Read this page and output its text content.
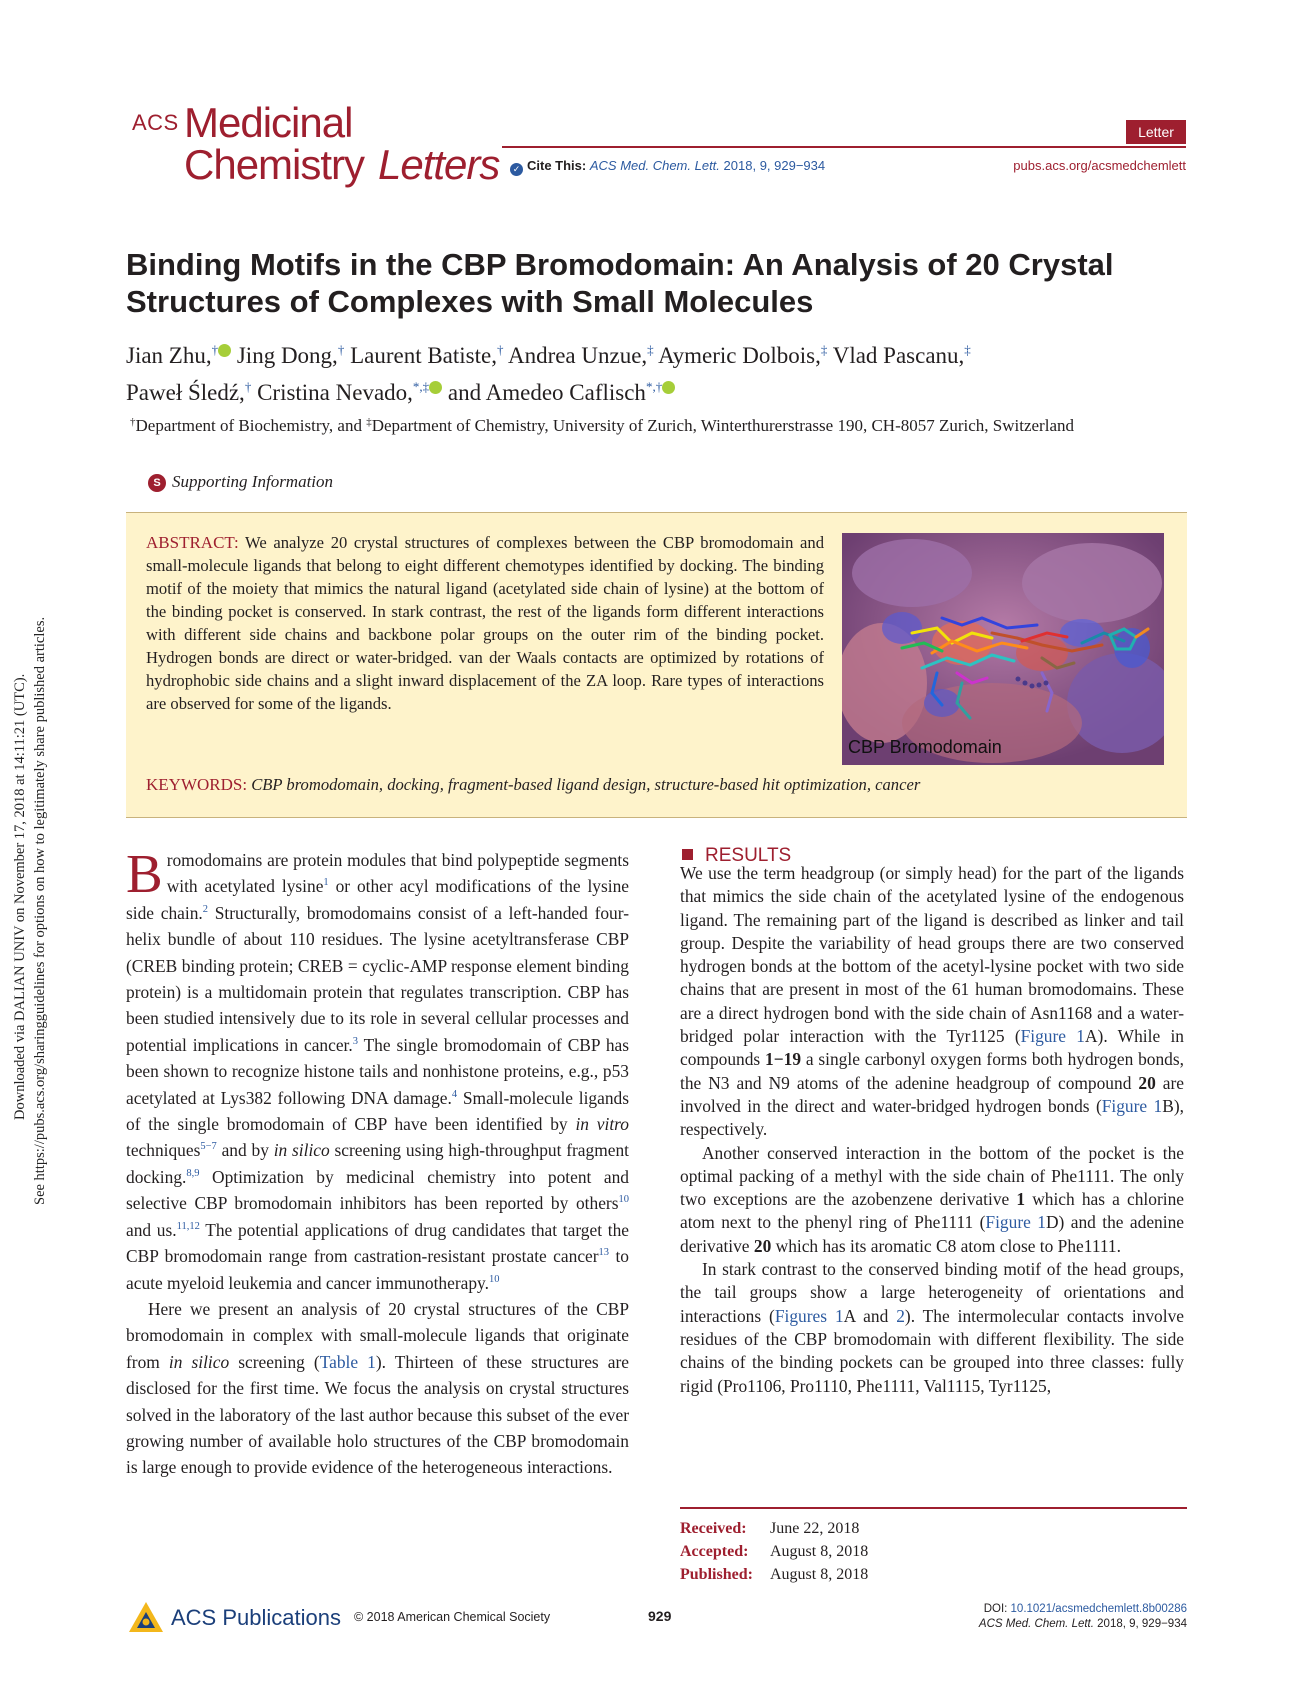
Downloaded via DALIAN UNIV on November 17, 2018 at 14:11:21 (UTC). See https://pubs.acs.org/sharingguidelines for options on how to legitimately share published articles.
ACS Medicinal
Chemistry Letters
Letter
✓ Cite This: ACS Med. Chem. Lett. 2018, 9, 929−934	pubs.acs.org/acsmedchemlett
Binding Motifs in the CBP Bromodomain: An Analysis of 20 Crystal Structures of Complexes with Small Molecules
Jian Zhu,† Jing Dong,† Laurent Batiste,† Andrea Unzue,‡ Aymeric Dolbois,‡ Vlad Pascanu,‡
Paweł Śledź,† Cristina Nevado,*,‡ and Amedeo Caflisch*,†
†Department of Biochemistry, and ‡Department of Chemistry, University of Zurich, Winterthurerstrasse 190, CH-8057 Zurich, Switzerland
S Supporting Information
ABSTRACT: We analyze 20 crystal structures of complexes between the CBP bromodomain and small-molecule ligands that belong to eight different chemotypes identified by docking. The binding motif of the moiety that mimics the natural ligand (acetylated side chain of lysine) at the bottom of the binding pocket is conserved. In stark contrast, the rest of the ligands form different interactions with different side chains and backbone polar groups on the outer rim of the binding pocket. Hydrogen bonds are direct or water-bridged. van der Waals contacts are optimized by rotations of hydrophobic side chains and a slight inward displacement of the ZA loop. Rare types of interactions are observed for some of the ligands.
CBP Bromodomain
KEYWORDS: CBP bromodomain, docking, fragment-based ligand design, structure-based hit optimization, cancer

Bromodomains are protein modules that bind polypeptide segments with acetylated lysine$^1$ or other acyl modifications of the lysine side chain.$^2$ Structurally, bromodomains consist of a left-handed four-helix bundle of about 110 residues. The lysine acetyltransferase CBP (CREB binding protein; CREB = cyclic-AMP response element binding protein) is a multidomain protein that regulates transcription. CBP has been studied intensively due to its role in several cellular processes and potential implications in cancer.$^3$ The single bromodomain of CBP has been shown to recognize histone tails and nonhistone proteins, e.g., p53 acetylated at Lys382 following DNA damage.$^4$ Small-molecule ligands of the single bromodomain of CBP have been identified by in vitro techniques$^{5-7}$ and by in silico screening using high-throughput fragment docking.$^{8,9}$ Optimization by medicinal chemistry into potent and selective CBP bromodomain inhibitors has been reported by others$^{10}$ and us.$^{11,12}$ The potential applications of drug candidates that target the CBP bromodomain range from castration-resistant prostate cancer$^{13}$ to acute myeloid leukemia and cancer immunotherapy.$^{10}$

Here we present an analysis of 20 crystal structures of the CBP bromodomain in complex with small-molecule ligands that originate from in silico screening (Table 1). Thirteen of these structures are disclosed for the first time. We focus the analysis on crystal structures solved in the laboratory of the last author because this subset of the ever growing number of available holo structures of the CBP bromodomain is large enough to provide evidence of the heterogeneous interactions.

RESULTS

We use the term headgroup (or simply head) for the part of the ligands that mimics the side chain of the acetylated lysine of the endogenous ligand. The remaining part of the ligand is described as linker and tail group. Despite the variability of head groups there are two conserved hydrogen bonds at the bottom of the acetyl-lysine pocket with two side chains that are present in most of the 61 human bromodomains. These are a direct hydrogen bond with the side chain of Asn1168 and a water-bridged polar interaction with the Tyr1125 (Figure 1A). While in compounds 1−19 a single carbonyl oxygen forms both hydrogen bonds, the N3 and N9 atoms of the adenine headgroup of compound 20 are involved in the direct and water-bridged hydrogen bonds (Figure 1B), respectively.

Another conserved interaction in the bottom of the pocket is the optimal packing of a methyl with the side chain of Phe1111. The only two exceptions are the azobenzene derivative 1 which has a chlorine atom next to the phenyl ring of Phe1111 (Figure 1D) and the adenine derivative 20 which has its aromatic C8 atom close to Phe1111.

In stark contrast to the conserved binding motif of the head groups, the tail groups show a large heterogeneity of orientations and interactions (Figures 1A and 2). The intermolecular contacts involve residues of the CBP bromodomain with different flexibility. The side chains of the binding pockets can be grouped into three classes: fully rigid (Pro1106, Pro1110, Phe1111, Val1115, Tyr1125,

Received: June 22, 2018
Accepted: August 8, 2018
Published: August 8, 2018
ACS Publications © 2018 American Chemical Society	929	DOI: 10.1021/acsmedchemlett.8b00286
ACS Med. Chem. Lett. 2018, 9, 929−934
